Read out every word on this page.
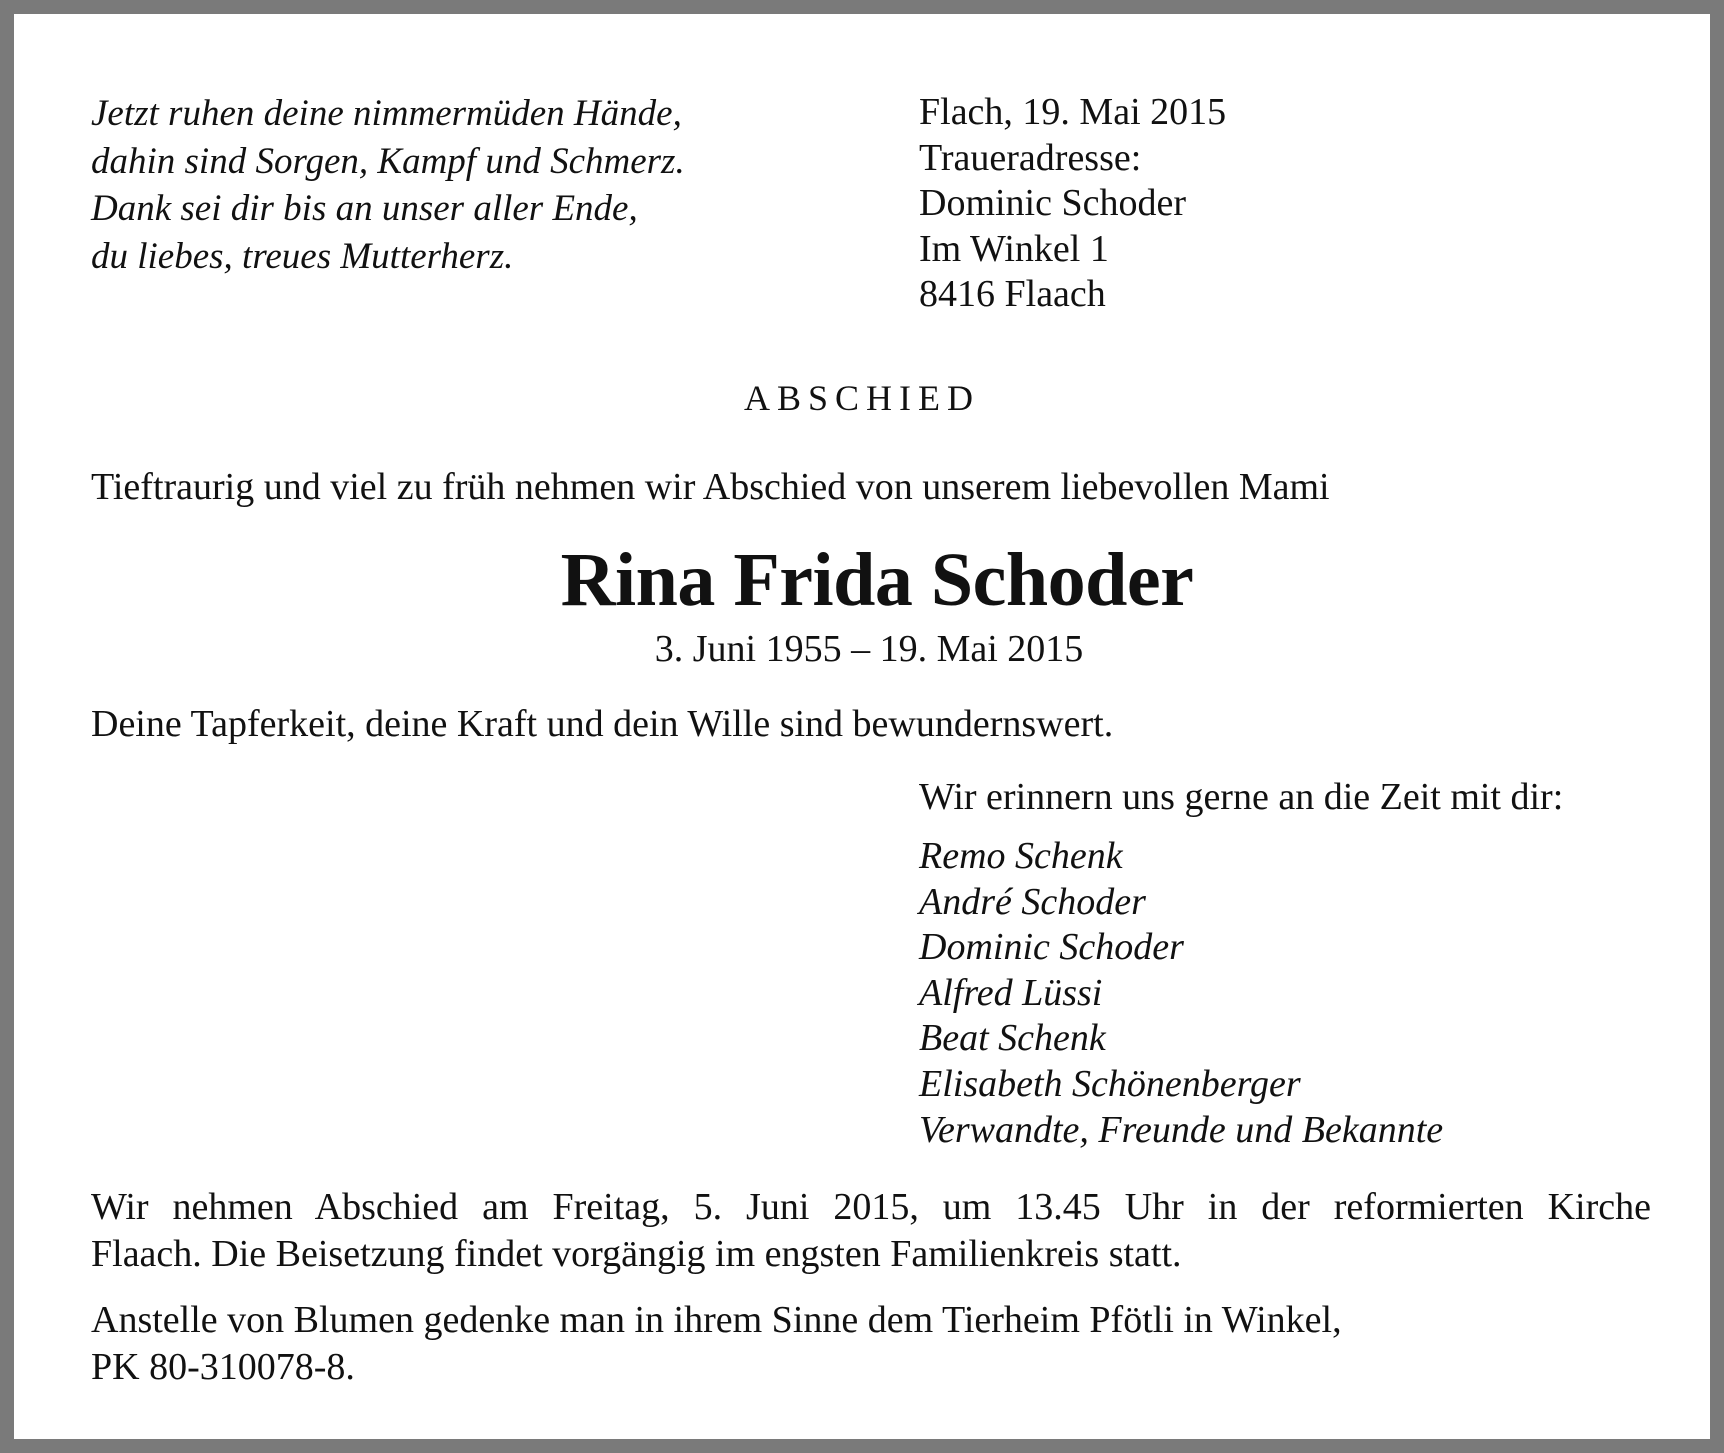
Jetzt ruhen deine nimmermüden Hände,
dahin sind Sorgen, Kampf und Schmerz.
Dank sei dir bis an unser aller Ende,
du liebes, treues Mutterherz.
Flach, 19. Mai 2015
Traueradresse:
Dominic Schoder
Im Winkel 1
8416 Flaach
ABSCHIED
Tieftraurig und viel zu früh nehmen wir Abschied von unserem liebevollen Mami
Rina Frida Schoder
3. Juni 1955 – 19. Mai 2015
Deine Tapferkeit, deine Kraft und dein Wille sind bewundernswert.
Wir erinnern uns gerne an die Zeit mit dir:
Remo Schenk
André Schoder
Dominic Schoder
Alfred Lüssi
Beat Schenk
Elisabeth Schönenberger
Verwandte, Freunde und Bekannte
Wir nehmen Abschied am Freitag, 5. Juni 2015, um 13.45 Uhr in der reformierten Kirche
Flaach. Die Beisetzung findet vorgängig im engsten Familienkreis statt.
Anstelle von Blumen gedenke man in ihrem Sinne dem Tierheim Pfötli in Winkel,
PK 80-310078-8.
